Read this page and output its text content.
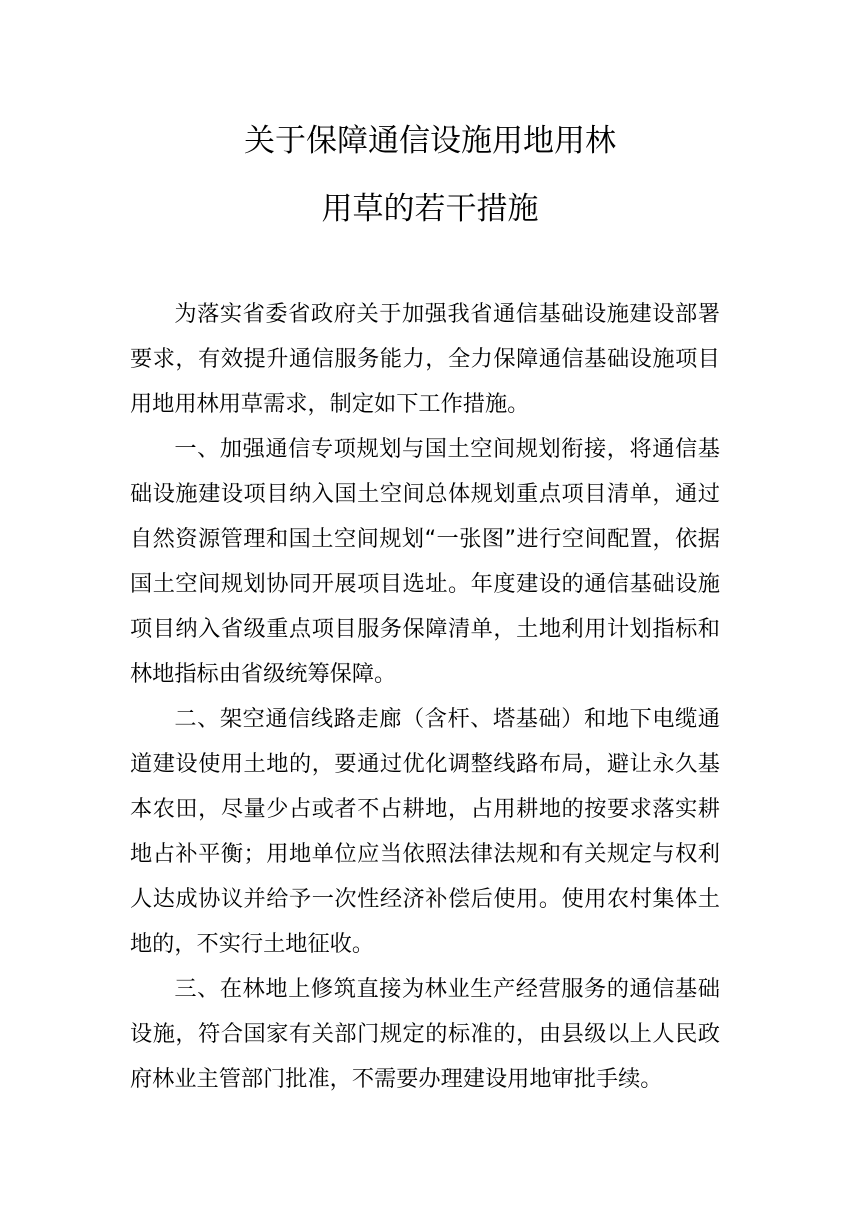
关于保障通信设施用地用林
用草的若干措施

为落实省委省政府关于加强我省通信基础设施建设部署要求，有效提升通信服务能力，全力保障通信基础设施项目用地用林用草需求，制定如下工作措施。

一、加强通信专项规划与国土空间规划衔接，将通信基础设施建设项目纳入国土空间总体规划重点项目清单，通过自然资源管理和国土空间规划“一张图”进行空间配置，依据国土空间规划协同开展项目选址。年度建设的通信基础设施项目纳入省级重点项目服务保障清单，土地利用计划指标和林地指标由省级统筹保障。

二、架空通信线路走廊（含杆、塔基础）和地下电缆通道建设使用土地的，要通过优化调整线路布局，避让永久基本农田，尽量少占或者不占耕地，占用耕地的按要求落实耕地占补平衡；用地单位应当依照法律法规和有关规定与权利人达成协议并给予一次性经济补偿后使用。使用农村集体土地的，不实行土地征收。

三、在林地上修筑直接为林业生产经营服务的通信基础设施，符合国家有关部门规定的标准的，由县级以上人民政府林业主管部门批准，不需要办理建设用地审批手续。
